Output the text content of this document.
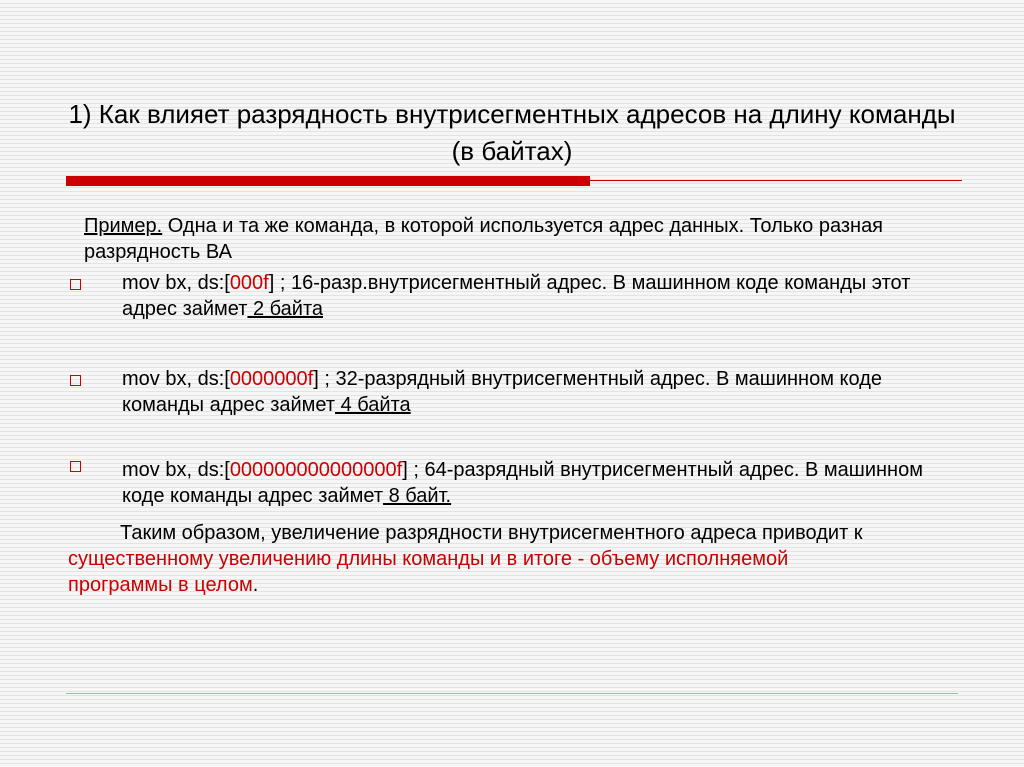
1) Как влияет разрядность внутрисегментных адресов на длину команды (в байтах)
Пример. Одна и та же команда, в которой используется адрес данных. Только разная разрядность ВА
mov bx, ds:[000f] ; 16-разр.внутрисегментный адрес. В машинном коде команды этот адрес займет 2 байта
mov bx, ds:[0000000f] ; 32-разрядный внутрисегментный адрес. В машинном коде команды адрес займет 4 байта
mov bx, ds:[000000000000000f] ; 64-разрядный внутрисегментный адрес. В машинном коде команды адрес займет 8 байт.
Таким образом, увеличение разрядности внутрисегментного адреса приводит к существенному увеличению длины команды и в итоге - объему исполняемой программы в целом.
